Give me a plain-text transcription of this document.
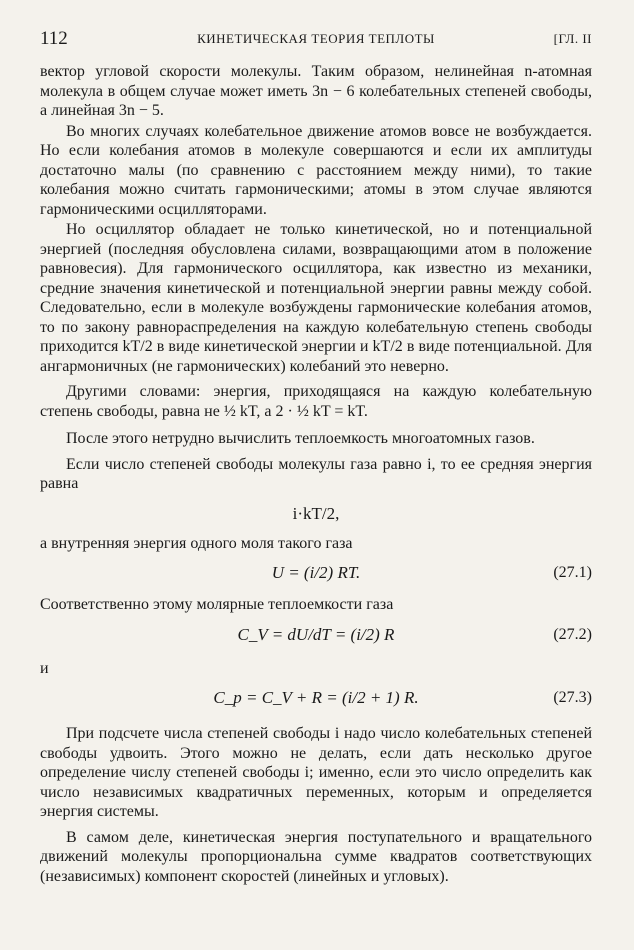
112	КИНЕТИЧЕСКАЯ ТЕОРИЯ ТЕПЛОТЫ	[ГЛ. II

вектор угловой скорости молекулы. Таким образом, нелинейная n-атомная молекула в общем случае может иметь 3n − 6 колебательных степеней свободы, а линейная 3n − 5.

Во многих случаях колебательное движение атомов вовсе не возбуждается. Но если колебания атомов в молекуле совершаются и если их амплитуды достаточно малы (по сравнению с расстоянием между ними), то такие колебания можно считать гармоническими; атомы в этом случае являются гармоническими осцилляторами.

Но осциллятор обладает не только кинетической, но и потенциальной энергией (последняя обусловлена силами, возвращающими атом в положение равновесия). Для гармонического осциллятора, как известно из механики, средние значения кинетической и потенциальной энергии равны между собой. Следовательно, если в молекуле возбуждены гармонические колебания атомов, то по закону равнораспределения на каждую колебательную степень свободы приходится kT/2 в виде кинетической энергии и kT/2 в виде потенциальной. Для ангармоничных (не гармонических) колебаний это неверно.

Другими словами: энергия, приходящаяся на каждую колебательную степень свободы, равна не ½ kT, а 2 · ½ kT = kT.

После этого нетрудно вычислить теплоемкость многоатомных газов.

Если число степеней свободы молекулы газа равно i, то ее средняя энергия равна

i·kT/2,

а внутренняя энергия одного моля такого газа

U = (i/2) RT.	(27.1)

Соответственно этому молярные теплоемкости газа

C_V = dU/dT = (i/2) R	(27.2)

и

C_p = C_V + R = (i/2 + 1) R.	(27.3)

При подсчете числа степеней свободы i надо число колебательных степеней свободы удвоить. Этого можно не делать, если дать несколько другое определение числу степеней свободы i; именно, если это число определить как число независимых квадратичных переменных, которым и определяется энергия системы.

В самом деле, кинетическая энергия поступательного и вращательного движений молекулы пропорциональна сумме квадратов соответствующих (независимых) компонент скоростей (линейных и угловых).
